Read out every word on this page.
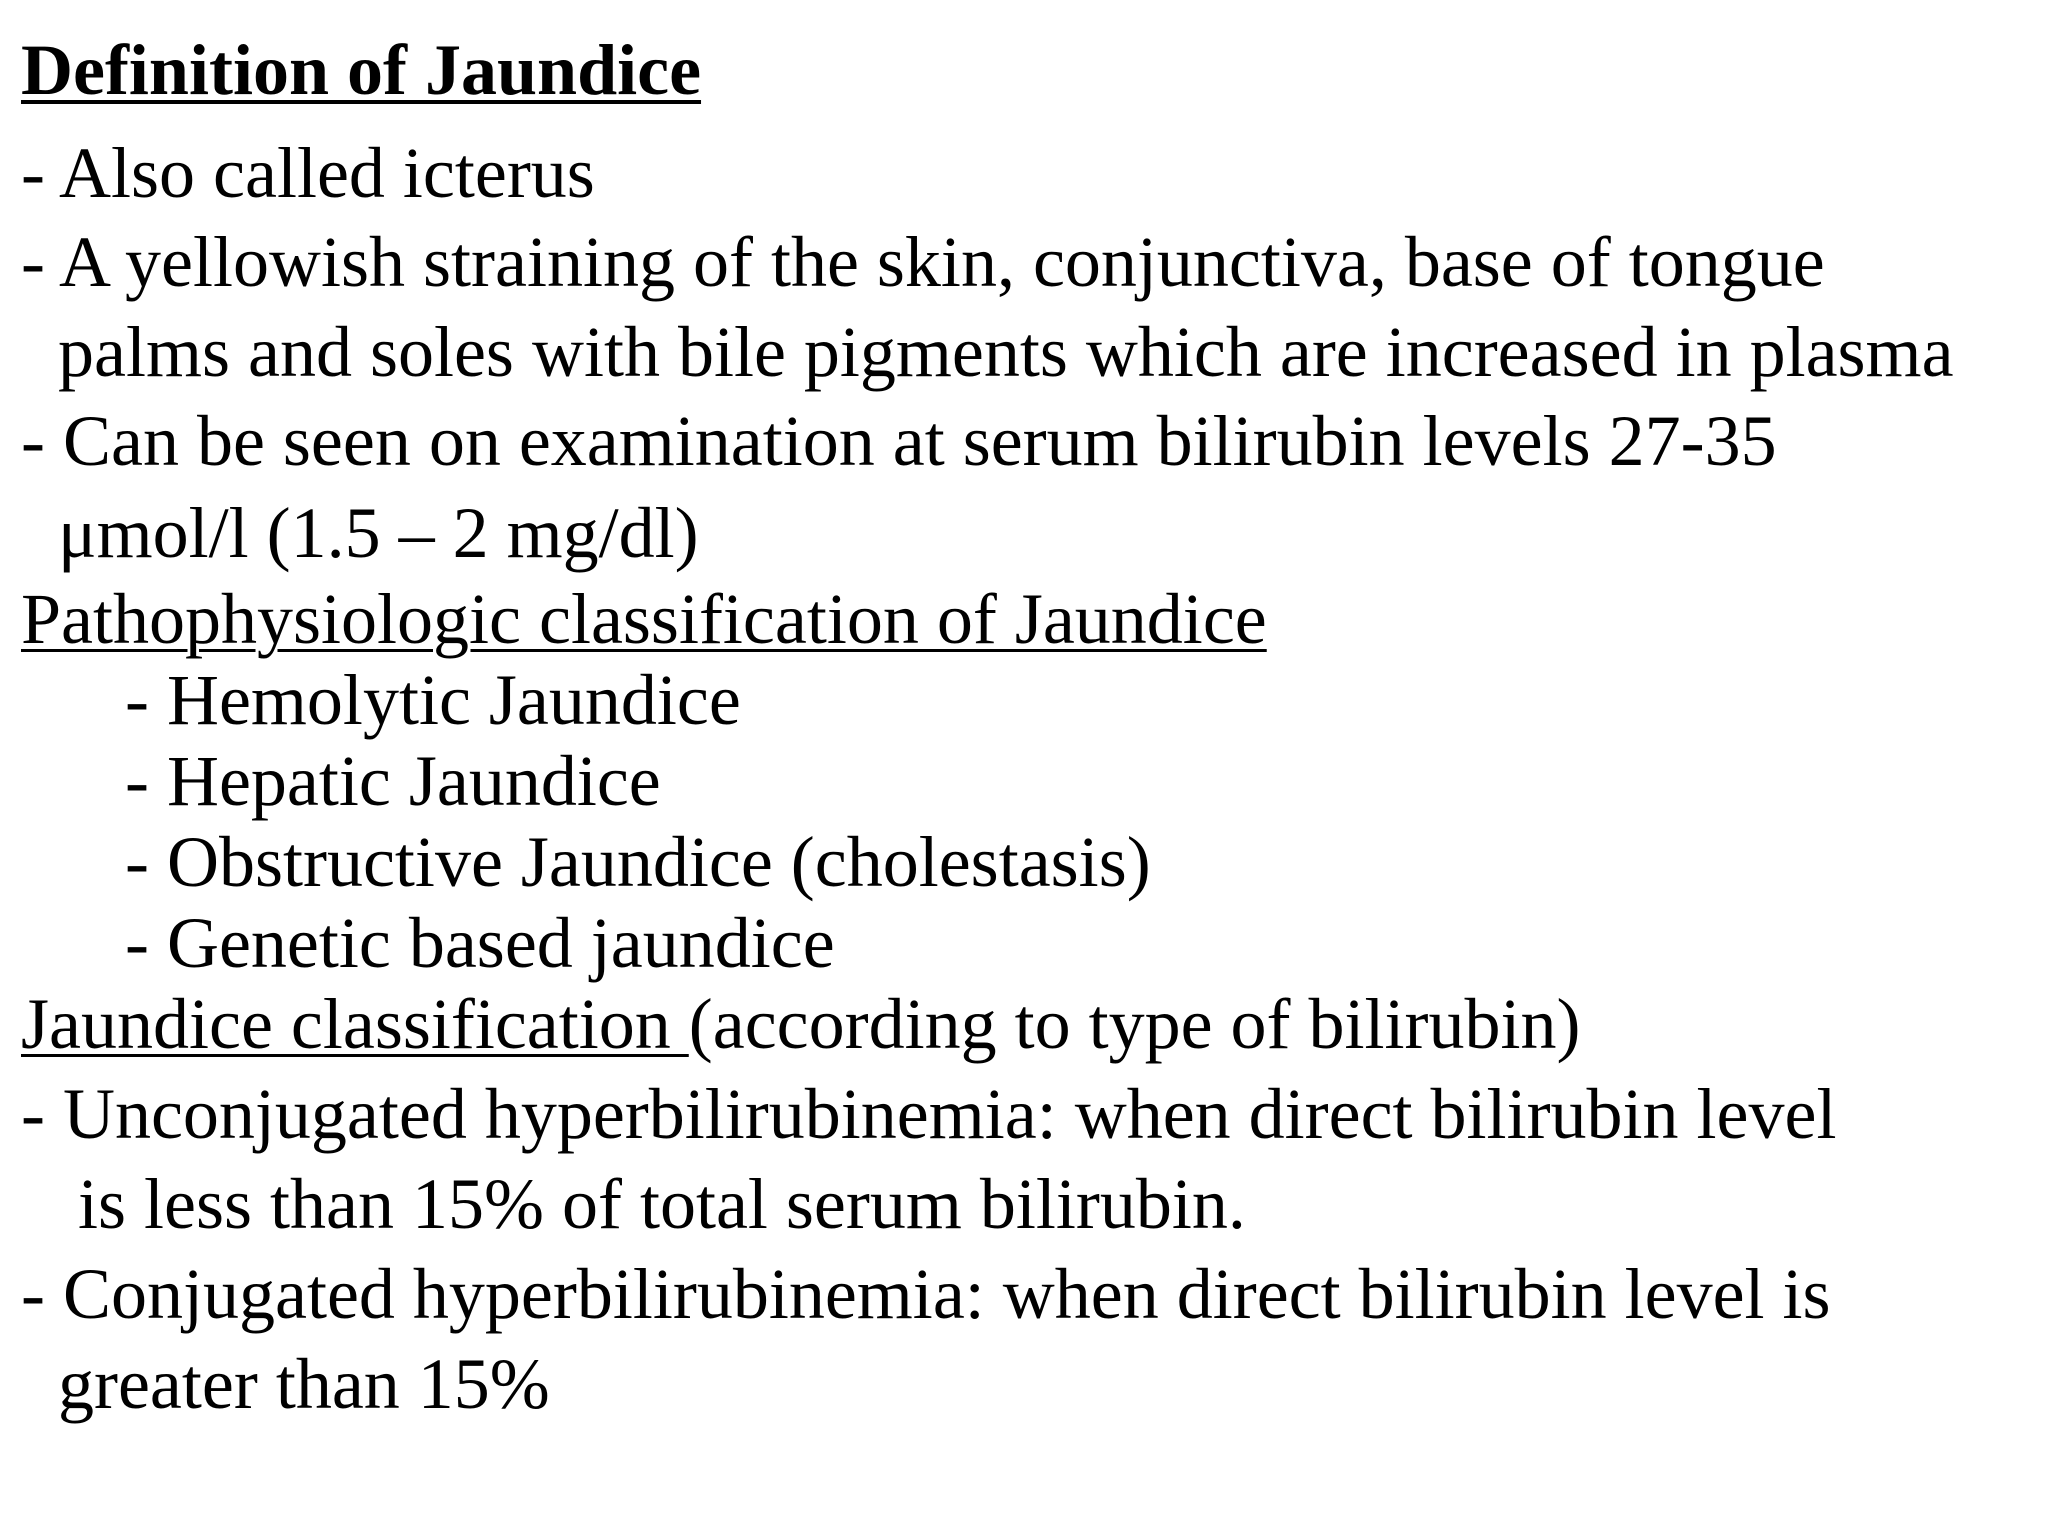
Definition of Jaundice
- Also called icterus
- A yellowish straining of the skin, conjunctiva, base of tongue
palms and soles with bile pigments which are increased in plasma
- Can be seen on examination at serum bilirubin levels 27-35
μmol/l (1.5 – 2 mg/dl)
Pathophysiologic classification of Jaundice
- Hemolytic Jaundice
- Hepatic Jaundice
- Obstructive Jaundice (cholestasis)
- Genetic based jaundice
Jaundice classification (according to type of bilirubin)
- Unconjugated hyperbilirubinemia: when direct bilirubin level
is less than 15% of total serum bilirubin.
- Conjugated hyperbilirubinemia: when direct bilirubin level is
greater than 15%
